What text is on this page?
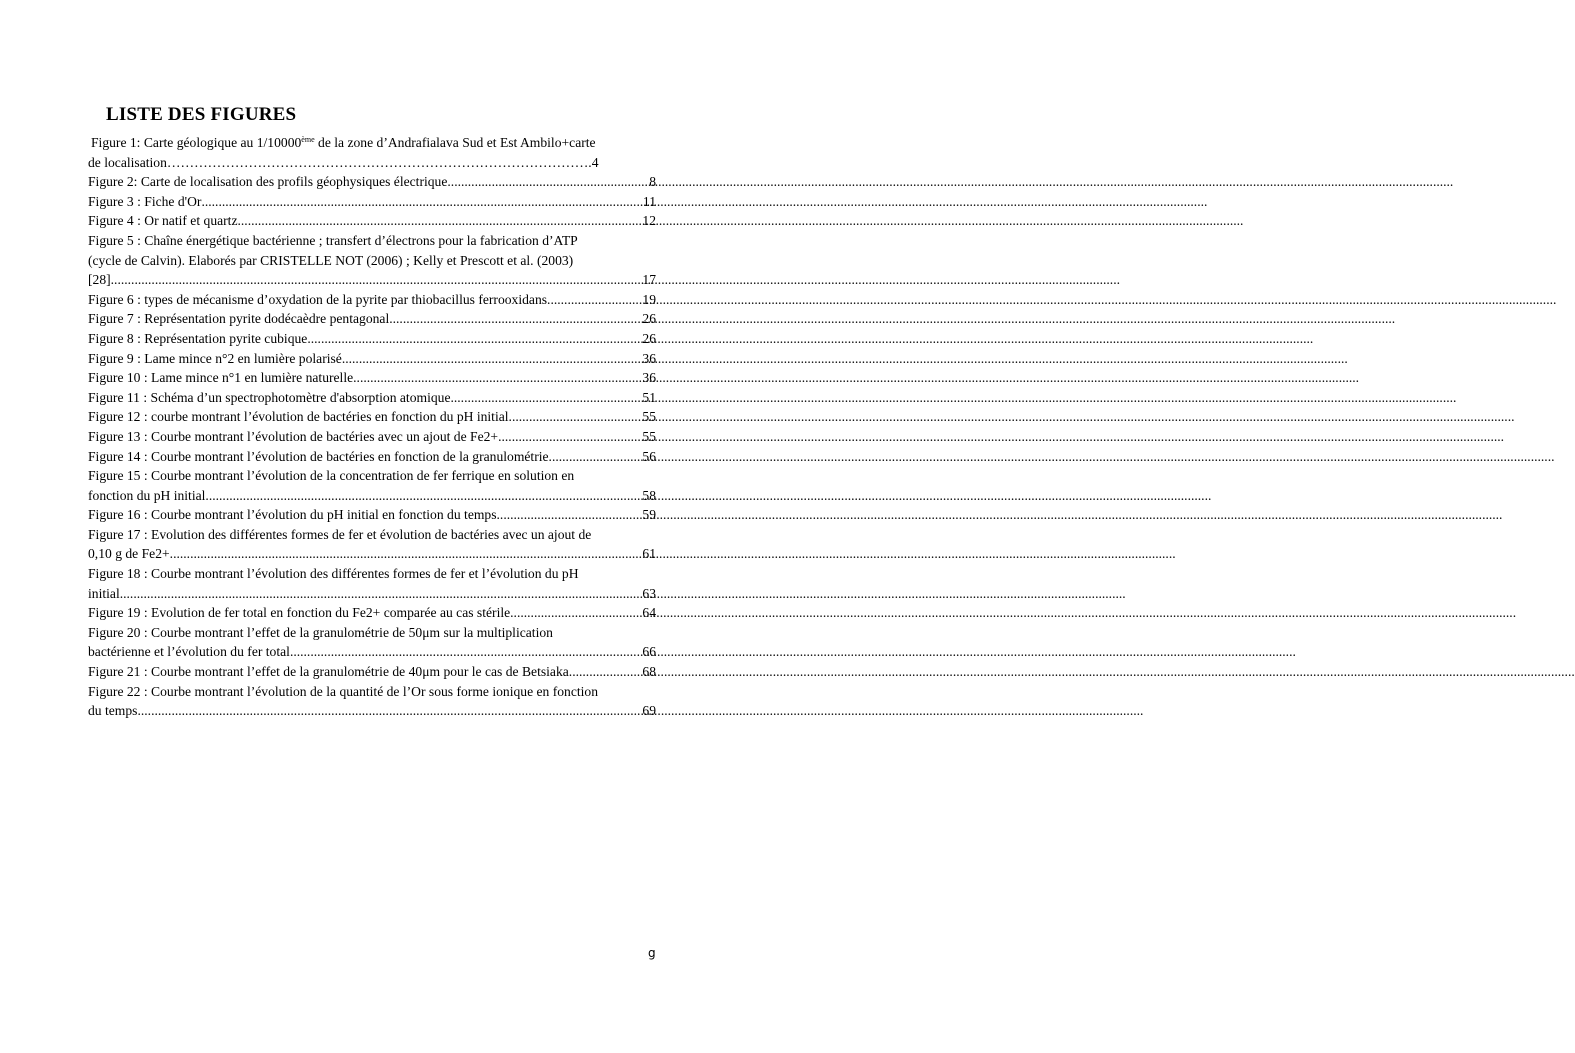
LISTE DES FIGURES
Figure 1: Carte géologique au 1/10000ème de la zone d’Andrafialava Sud et Est Ambilo+carte
de localisation…………………………………………………………………………………. 4
Figure 2: Carte de localisation des profils géophysiques électrique .....	8
Figure 3 : Fiche d'Or .....	11
Figure 4 : Or natif et quartz .....	12
Figure 5 : Chaîne énergétique bactérienne ; transfert d’électrons pour la fabrication d’ATP
(cycle de Calvin). Elaborés par CRISTELLE NOT (2006) ; Kelly et Prescott et al. (2003)
[28]. .....	17
Figure 6 : types de mécanisme d’oxydation de la pyrite par thiobacillus ferrooxidans. .....	19
Figure 7 : Représentation pyrite dodécaèdre pentagonal .....	26
Figure 8 : Représentation pyrite cubique .....	26
Figure 9 : Lame mince n°2 en lumière polarisé .....	36
Figure 10 : Lame mince n°1 en lumière naturelle .....	36
Figure 11 : Schéma d’un spectrophotomètre d'absorption atomique .....	51
Figure 12 : courbe montrant l’évolution de bactéries en fonction du pH initial .....	55
Figure 13 : Courbe montrant l’évolution de bactéries avec un ajout de Fe2+ .....	55
Figure 14 : Courbe montrant l’évolution de bactéries en fonction de la granulométrie .....	56
Figure 15 : Courbe montrant l’évolution de la concentration de fer ferrique en solution en
fonction du pH initial .....	58
Figure 16 : Courbe montrant l’évolution du pH initial en fonction du temps .....	59
Figure 17 : Evolution des différentes formes de fer et évolution de bactéries avec un ajout de
0,10 g de Fe2+ .....	61
Figure 18 : Courbe montrant l’évolution des différentes formes de fer et l’évolution du pH
initial .....	63
Figure 19 : Evolution de fer total en fonction du Fe2+ comparée au cas stérile .....	64
Figure 20 : Courbe montrant l’effet de la granulométrie de 50μm sur la multiplication
bactérienne et l’évolution du fer total .....	66
Figure 21 : Courbe montrant l’effet de la granulométrie de 40μm pour le cas de Betsiaka .....	68
Figure 22 : Courbe montrant l’évolution de la quantité de l’Or sous forme ionique en fonction
du temps .....	69
g
